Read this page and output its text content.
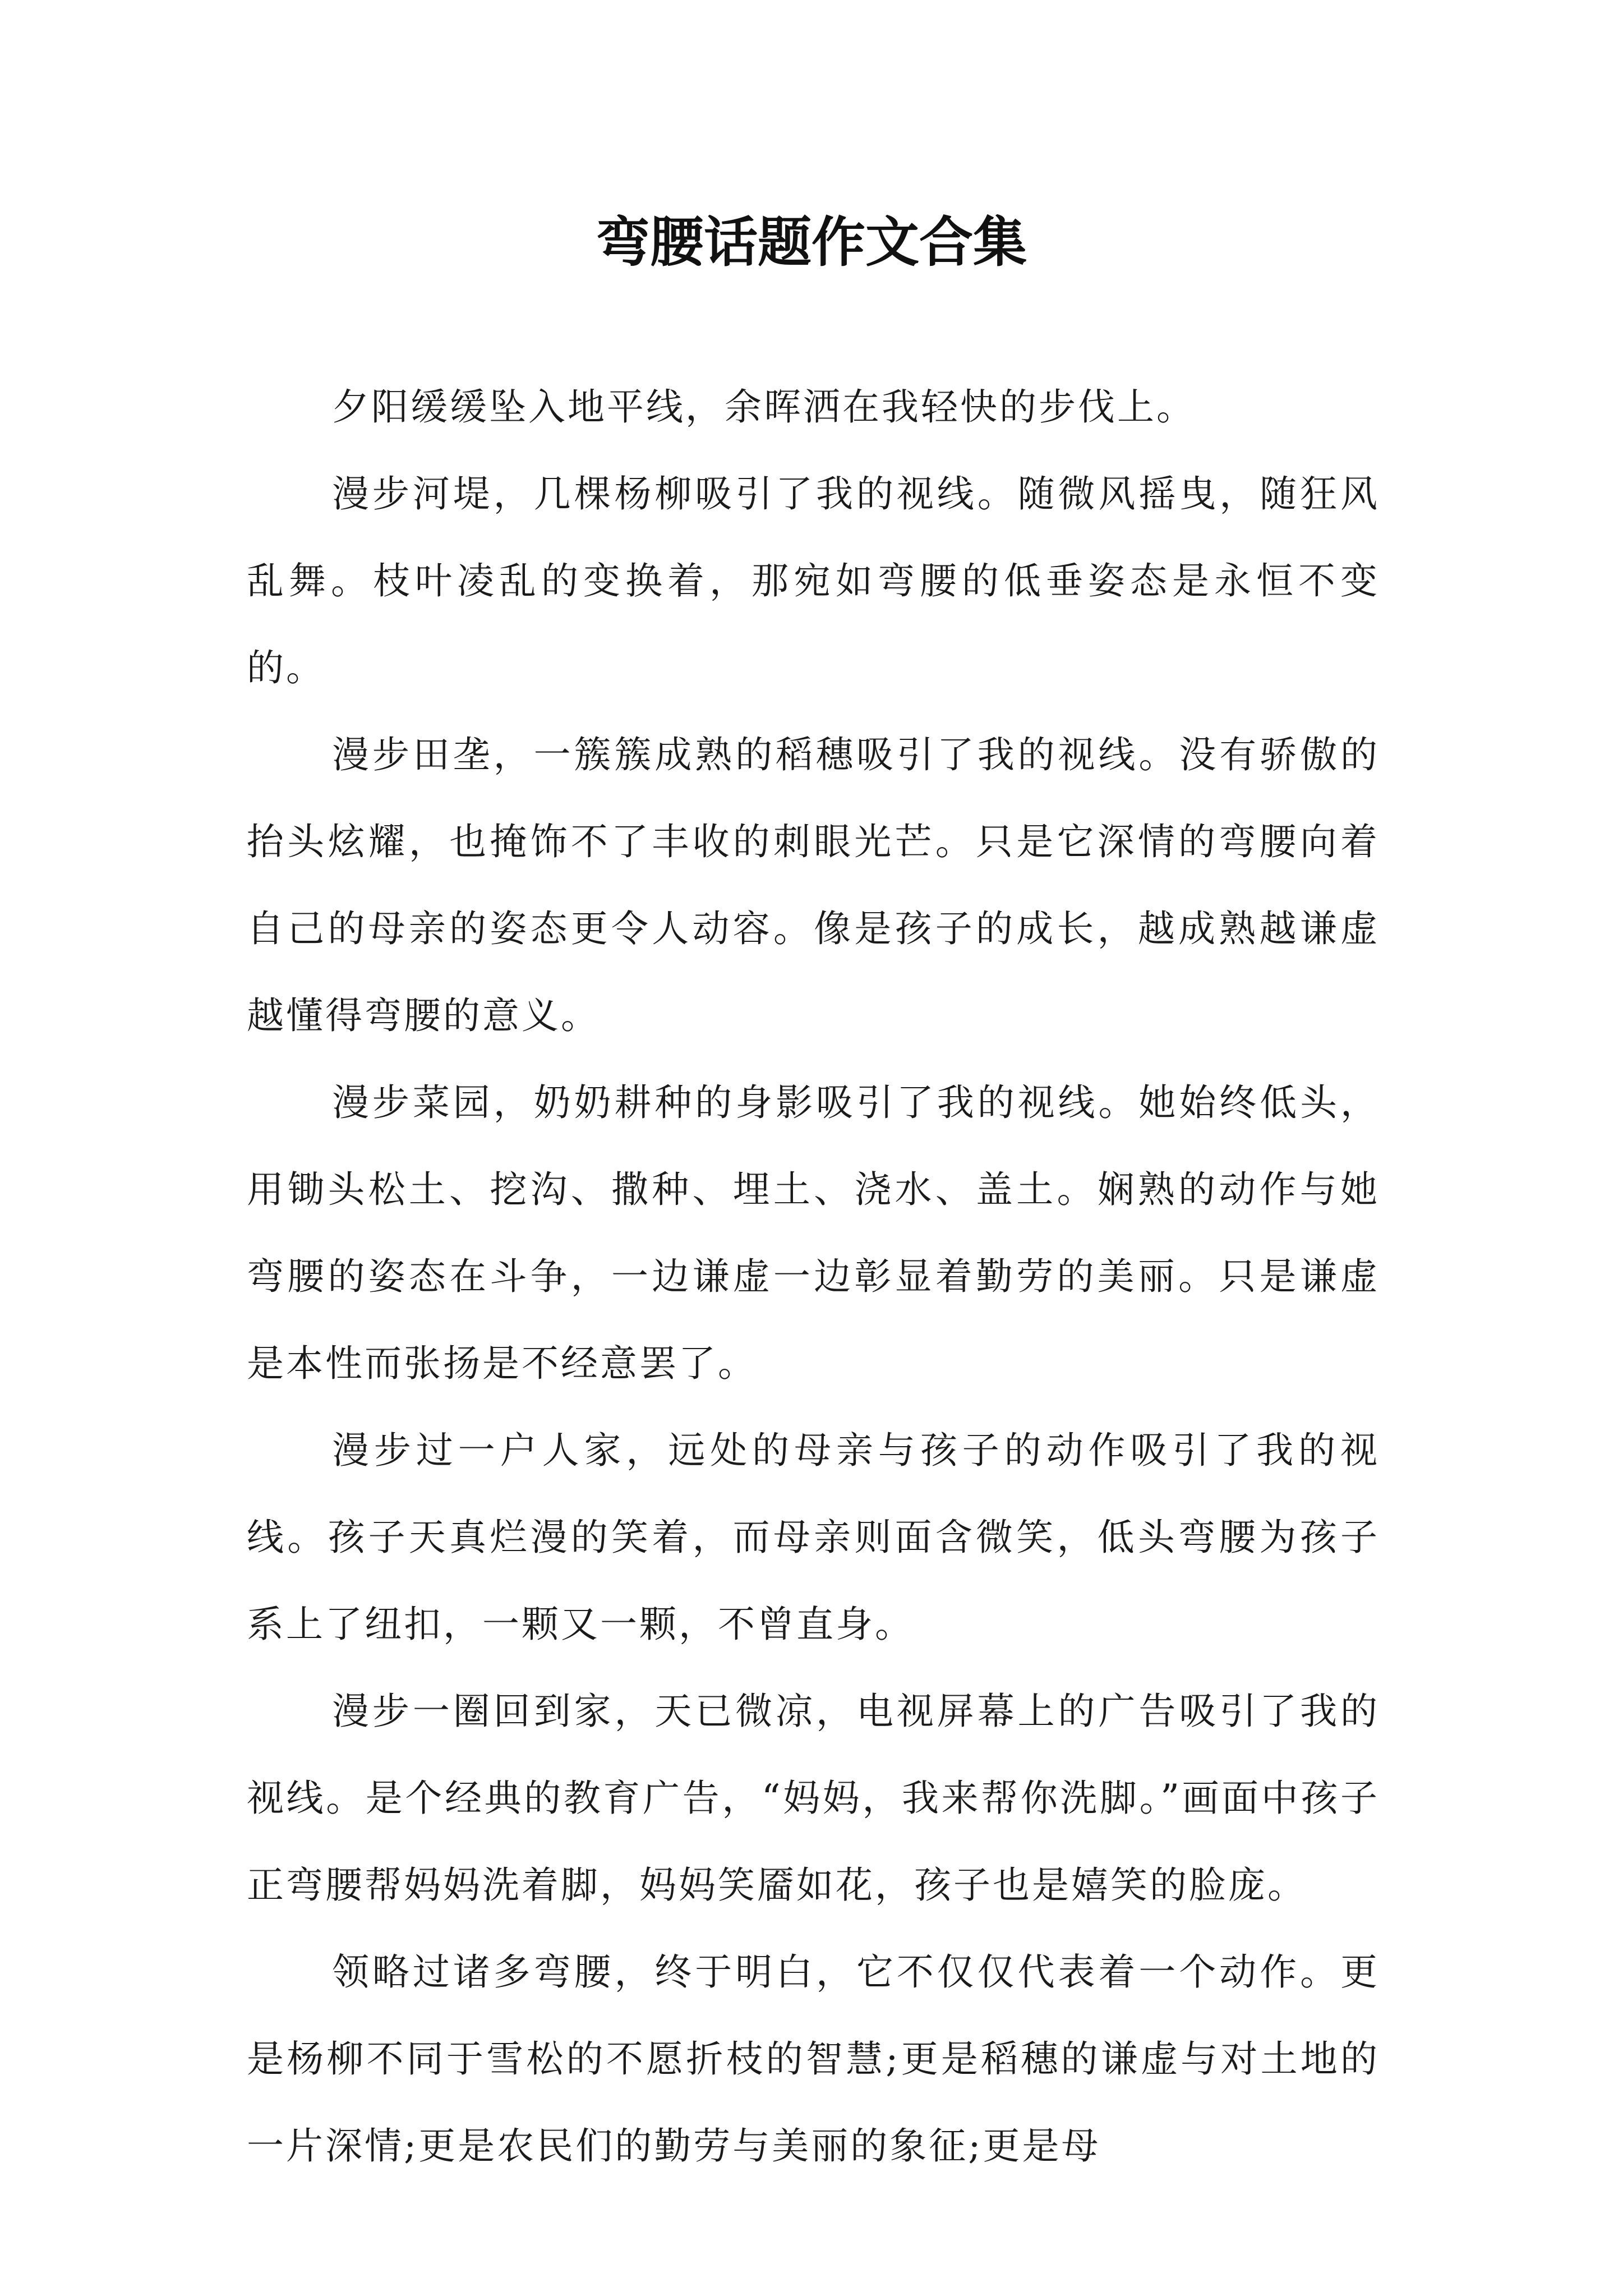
弯腰话题作文合集

夕阳缓缓坠入地平线，余晖洒在我轻快的步伐上。

漫步河堤，几棵杨柳吸引了我的视线。随微风摇曳，随狂风乱舞。枝叶凌乱的变换着，那宛如弯腰的低垂姿态是永恒不变的。

漫步田垄，一簇簇成熟的稻穗吸引了我的视线。没有骄傲的抬头炫耀，也掩饰不了丰收的刺眼光芒。只是它深情的弯腰向着自己的母亲的姿态更令人动容。像是孩子的成长，越成熟越谦虚越懂得弯腰的意义。

漫步菜园，奶奶耕种的身影吸引了我的视线。她始终低头，用锄头松土、挖沟、撒种、埋土、浇水、盖土。娴熟的动作与她弯腰的姿态在斗争，一边谦虚一边彰显着勤劳的美丽。只是谦虚是本性而张扬是不经意罢了。

漫步过一户人家，远处的母亲与孩子的动作吸引了我的视线。孩子天真烂漫的笑着，而母亲则面含微笑，低头弯腰为孩子系上了纽扣，一颗又一颗，不曾直身。

漫步一圈回到家，天已微凉，电视屏幕上的广告吸引了我的视线。是个经典的教育广告，“妈妈，我来帮你洗脚。”画面中孩子正弯腰帮妈妈洗着脚，妈妈笑靥如花，孩子也是嬉笑的脸庞。

领略过诸多弯腰，终于明白，它不仅仅代表着一个动作。更是杨柳不同于雪松的不愿折枝的智慧;更是稻穗的谦虚与对土地的一片深情;更是农民们的勤劳与美丽的象征;更是母
